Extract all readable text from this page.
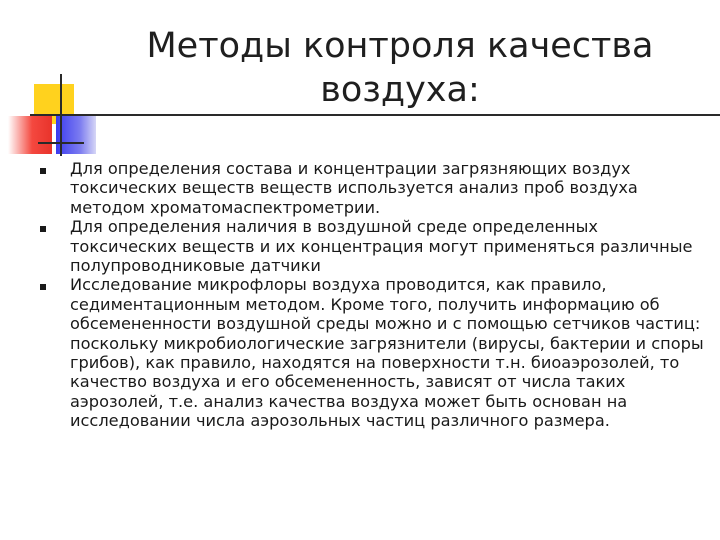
Методы контроля качества
воздуха:
Для определения состава и концентрации загрязняющих воздух токсических веществ веществ используется анализ проб воздуха методом хроматомаспектрометрии.
Для определения наличия в воздушной среде определенных токсических веществ и их концентрация могут применяться различные полупроводниковые датчики
Исследование микрофлоры воздуха проводится, как правило, седиментационным методом. Кроме того, получить информацию об обсемененности воздушной среды можно и с помощью сетчиков частиц: поскольку микробиологические загрязнители (вирусы, бактерии и споры грибов), как правило, находятся на поверхности т.н. биоаэрозолей, то качество воздуха и его обсемененность, зависят от числа таких аэрозолей, т.е. анализ качества воздуха может быть основан на исследовании числа аэрозольных частиц различного размера.
